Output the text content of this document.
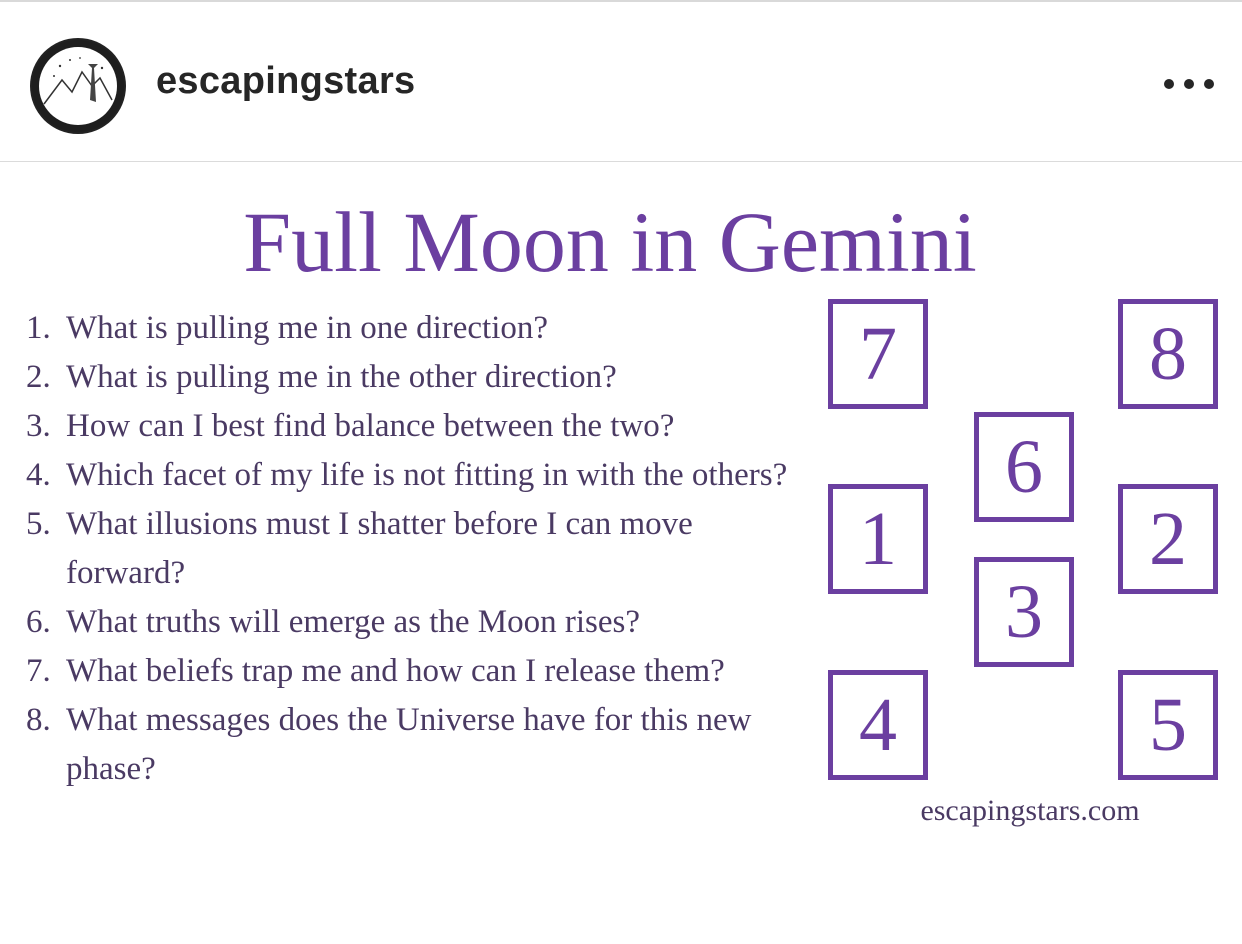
escapingstars
Full Moon in Gemini
1. What is pulling me in one direction?
2. What is pulling me in the other direction?
3. How can I best find balance between the two?
4. Which facet of my life is not fitting in with the others?
5. What illusions must I shatter before I can move forward?
6. What truths will emerge as the Moon rises?
7. What beliefs trap me and how can I release them?
8. What messages does the Universe have for this new phase?
7	8
6
1	2
3
4	5
escapingstars.com
